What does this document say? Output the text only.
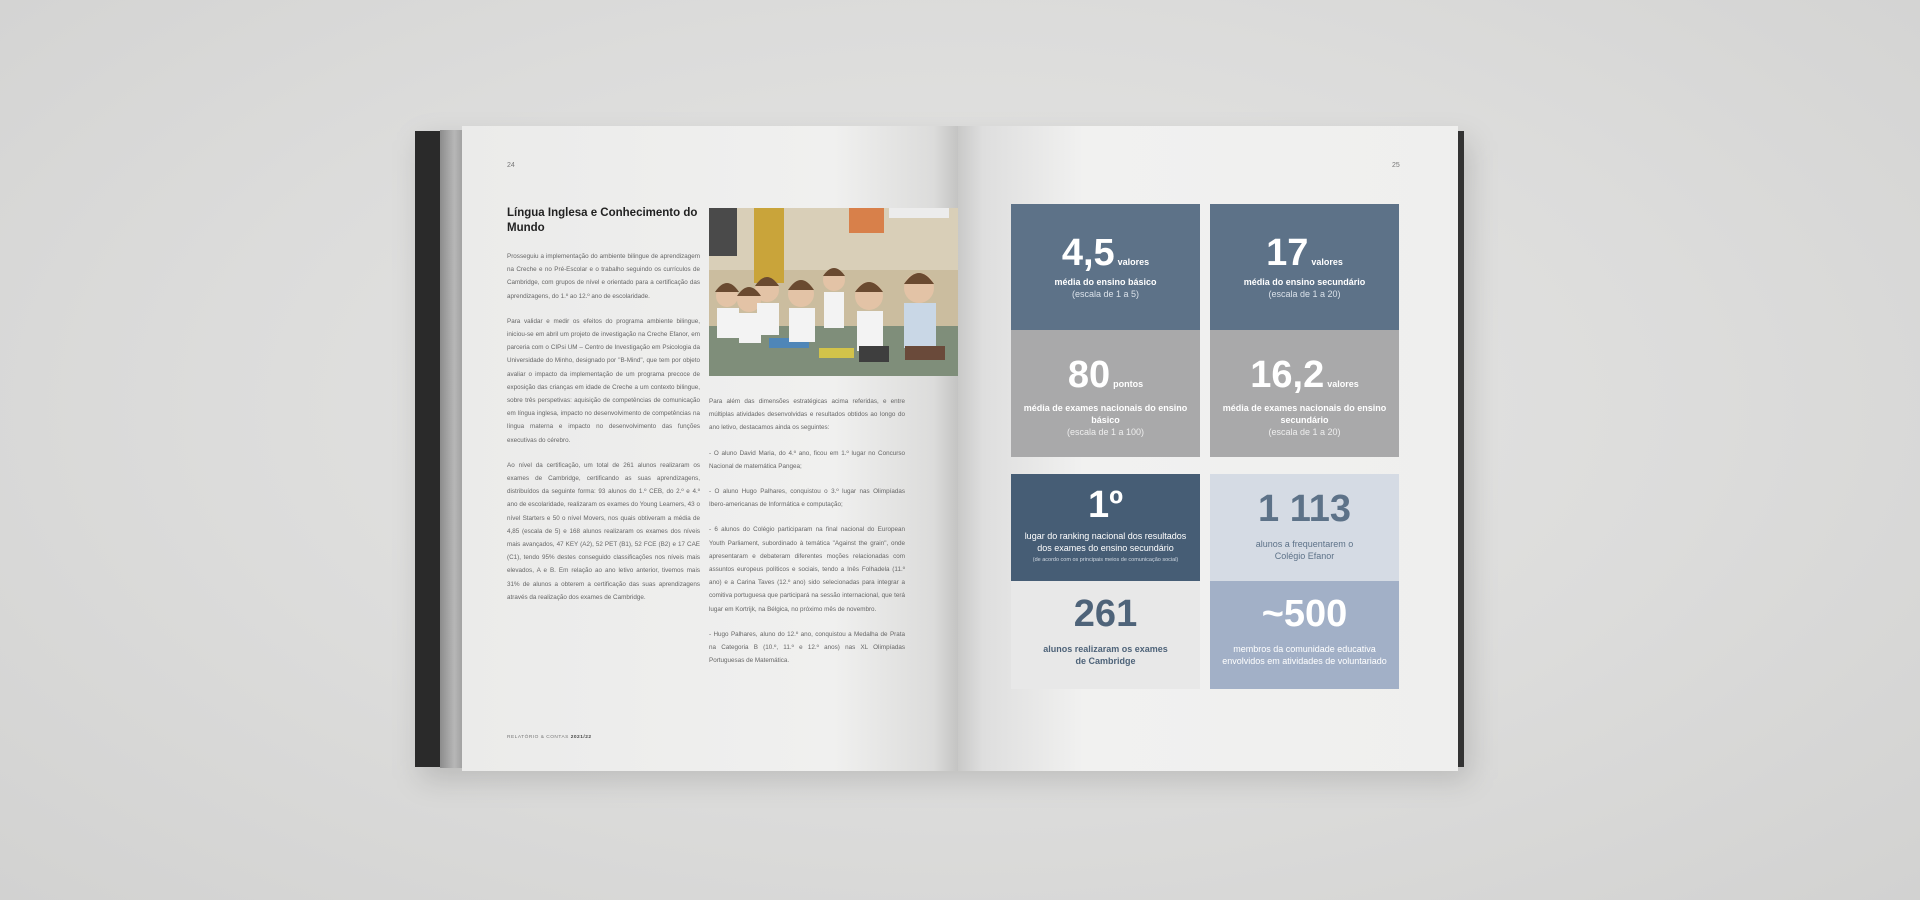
24
Língua Inglesa e Conhecimento do Mundo

Prosseguiu a implementação do ambiente bilingue de aprendizagem na Creche e no Pré-Escolar e o trabalho seguindo os currículos de Cambridge, com grupos de nível e orientado para a certificação das aprendizagens, do 1.º ao 12.º ano de escolaridade.

Para validar e medir os efeitos do programa ambiente bilingue, iniciou-se em abril um projeto de investigação na Creche Efanor, em parceria com o CIPsi UM – Centro de Investigação em Psicologia da Universidade do Minho, designado por "B-Mind", que tem por objeto avaliar o impacto da implementação de um programa precoce de exposição das crianças em idade de Creche a um contexto bilingue, sobre três perspetivas: aquisição de competências de comunicação em língua inglesa, impacto no desenvolvimento de competências na língua materna e impacto no desenvolvimento das funções executivas do cérebro.

Ao nível da certificação, um total de 261 alunos realizaram os exames de Cambridge, certificando as suas aprendizagens, distribuídos da seguinte forma: 93 alunos do 1.º CEB, do 2.º e 4.º ano de escolaridade, realizaram os exames do Young Learners, 43 o nível Starters e 50 o nível Movers, nos quais obtiveram a média de 4,85 (escala de 5) e 168 alunos realizaram os exames dos níveis mais avançados, 47 KEY (A2), 52 PET (B1), 52 FCE (B2) e 17 CAE (C1), tendo 95% destes conseguido classificações nos níveis mais elevados, A e B. Em relação ao ano letivo anterior, tivemos mais 31% de alunos a obterem a certificação das suas aprendizagens através da realização dos exames de Cambridge.

Para além das dimensões estratégicas acima referidas, e entre múltiplas atividades desenvolvidas e resultados obtidos ao longo do ano letivo, destacamos ainda os seguintes:

- O aluno David Maria, do 4.º ano, ficou em 1.º lugar no Concurso Nacional de matemática Pangea;

- O aluno Hugo Palhares, conquistou o 3.º lugar nas Olimpíadas Ibero-americanas de Informática e computação;

- 6 alunos do Colégio participaram na final nacional do European Youth Parliament, subordinado à temática "Against the grain", onde apresentaram e debateram diferentes moções relacionadas com assuntos europeus políticos e sociais, tendo a Inês Folhadela (11.º ano) e a Carina Taves (12.º ano) sido selecionadas para integrar a comitiva portuguesa que participará na sessão internacional, que terá lugar em Kortrijk, na Bélgica, no próximo mês de novembro.

- Hugo Palhares, aluno do 12.º ano, conquistou a Medalha de Prata na Categoria B (10.º, 11.º e 12.º anos) nas XL Olimpíadas Portuguesas de Matemática.

RELATÓRIO & CONTAS 2021/22
25
4,5 valores
média do ensino básico
(escala de 1 a 5)
17 valores
média do ensino secundário
(escala de 1 a 20)
80 pontos
média de exames nacionais do ensino básico
(escala de 1 a 100)
16,2 valores
média de exames nacionais do ensino secundário
(escala de 1 a 20)
1º
lugar do ranking nacional dos resultados dos exames do ensino secundário
(de acordo com os principais meios de comunicação social)
1 113
alunos a frequentarem o Colégio Efanor
261
alunos realizaram os exames de Cambridge
~500
membros da comunidade educativa envolvidos em atividades de voluntariado
